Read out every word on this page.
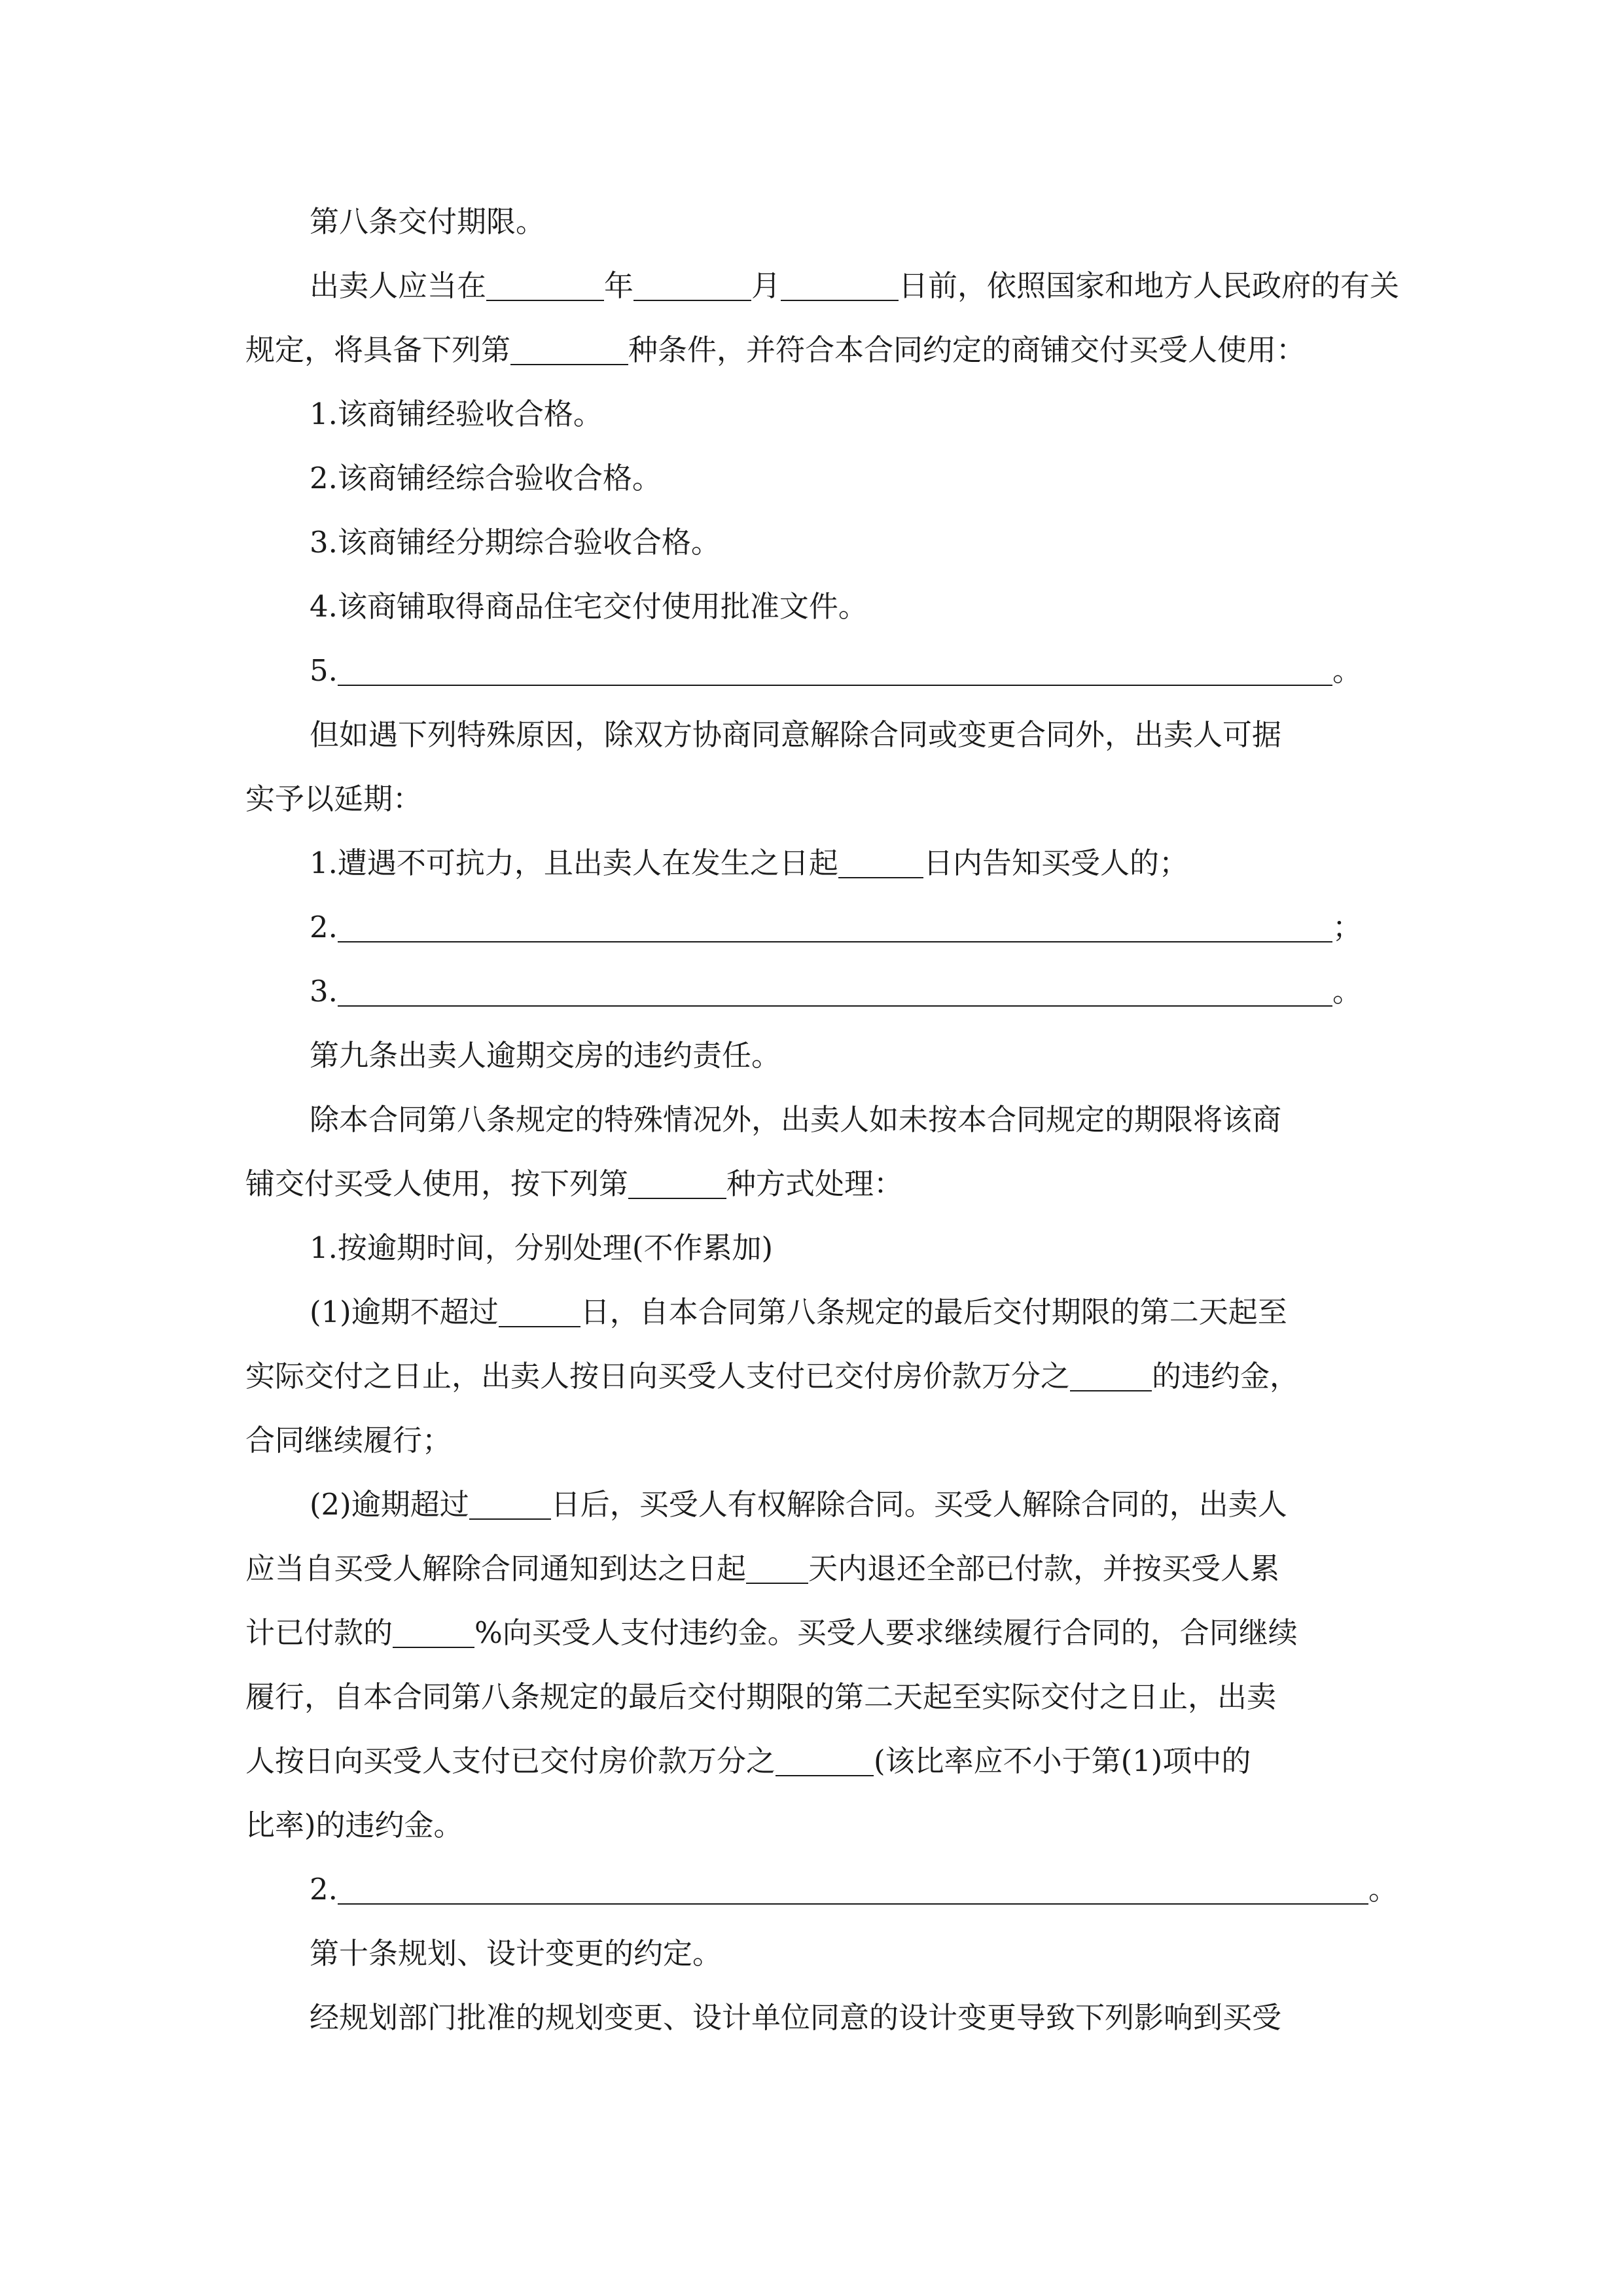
第八条交付期限。
出卖人应当在	年	月	日前，依照国家和地方人民政府的有关
规定，将具备下列第	种条件，并符合本合同约定的商铺交付买受人使用：
1.该商铺经验收合格。
2.该商铺经综合验收合格。
3.该商铺经分期综合验收合格。
4.该商铺取得商品住宅交付使用批准文件。
5.	。
但如遇下列特殊原因，除双方协商同意解除合同或变更合同外，出卖人可据
实予以延期：
1.遭遇不可抗力，且出卖人在发生之日起	日内告知买受人的；
2.	；
3.	。
第九条出卖人逾期交房的违约责任。
除本合同第八条规定的特殊情况外，出卖人如未按本合同规定的期限将该商
铺交付买受人使用，按下列第	种方式处理：
1.按逾期时间，分别处理(不作累加)
(1)逾期不超过	日，自本合同第八条规定的最后交付期限的第二天起至
实际交付之日止，出卖人按日向买受人支付已交付房价款万分之	的违约金，
合同继续履行；
(2)逾期超过	日后，买受人有权解除合同。买受人解除合同的，出卖人
应当自买受人解除合同通知到达之日起 天内退还全部已付款，并按买受人累
计已付款的	%向买受人支付违约金。买受人要求继续履行合同的，合同继续
履行，自本合同第八条规定的最后交付期限的第二天起至实际交付之日止，出卖
人按日向买受人支付已交付房价款万分之	(该比率应不小于第(1)项中的
比率)的违约金。
2.	。
第十条规划、设计变更的约定。
经规划部门批准的规划变更、设计单位同意的设计变更导致下列影响到买受
